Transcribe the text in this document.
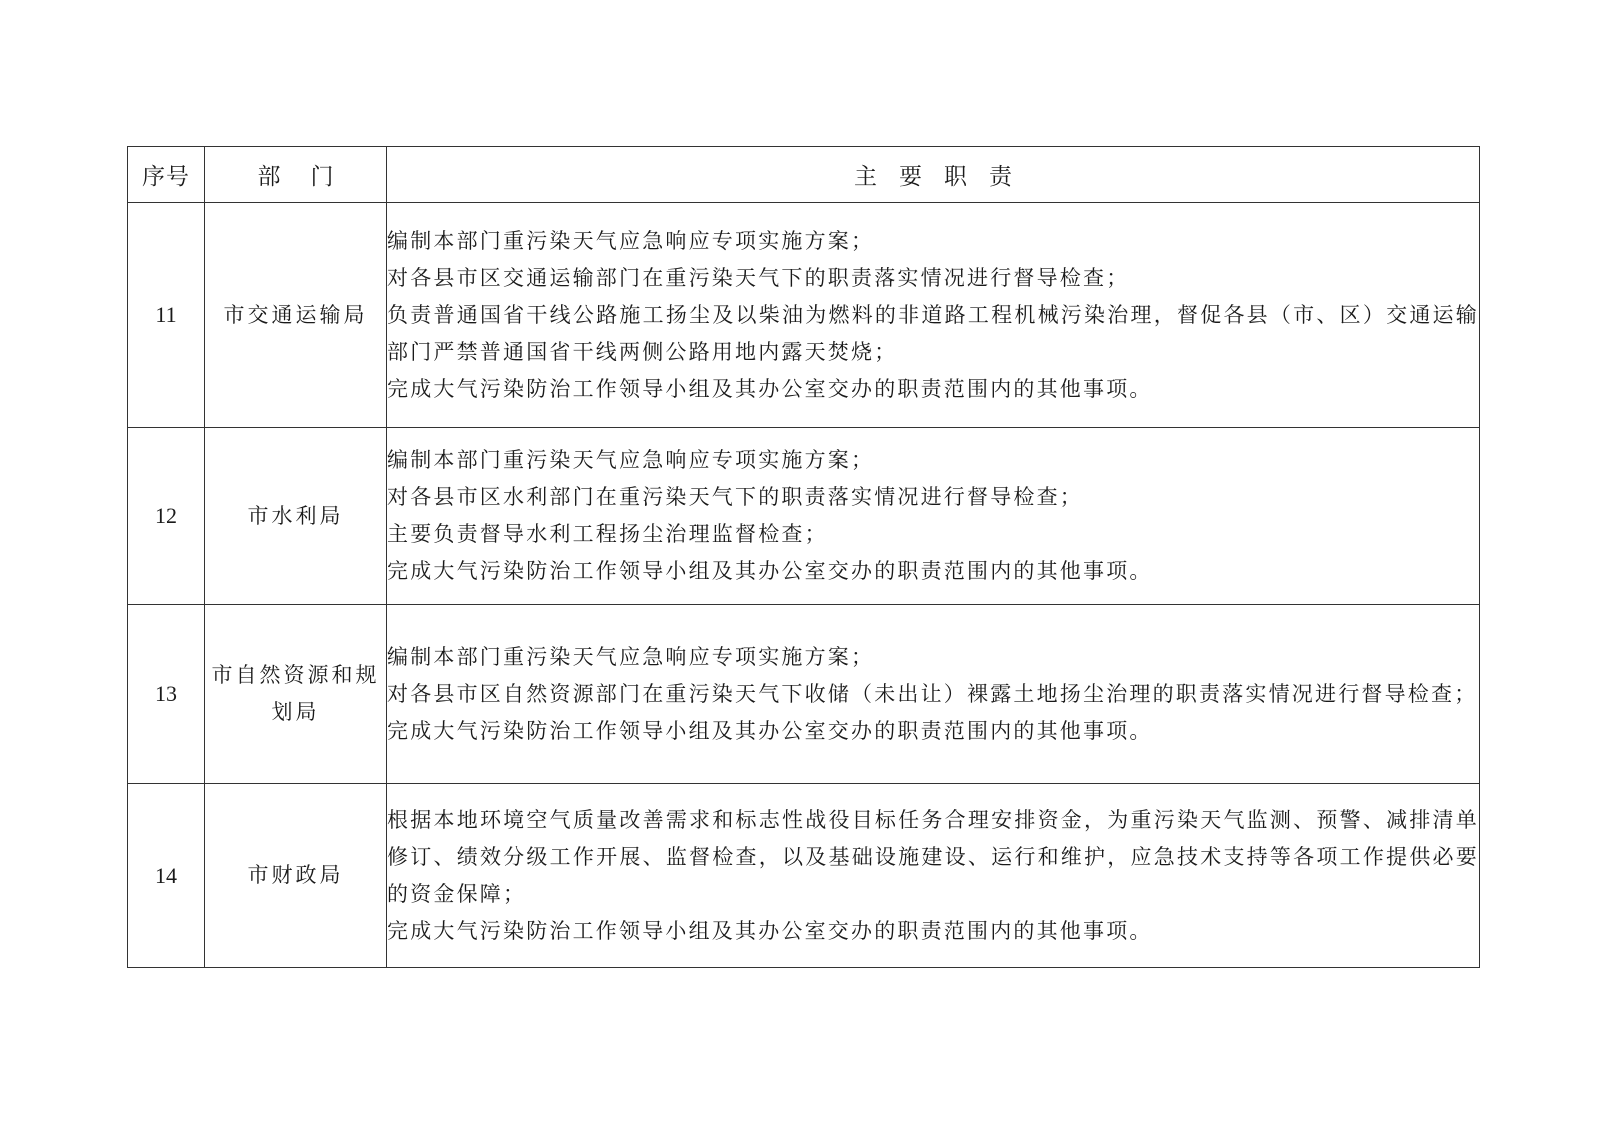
序号	部门	主要职责
11	市交通运输局	编制本部门重污染天气应急响应专项实施方案；
对各县市区交通运输部门在重污染天气下的职责落实情况进行督导检查；
负责普通国省干线公路施工扬尘及以柴油为燃料的非道路工程机械污染治理，督促各县（市、区）交通运输部门严禁普通国省干线两侧公路用地内露天焚烧；
完成大气污染防治工作领导小组及其办公室交办的职责范围内的其他事项。

12	市水利局	编制本部门重污染天气应急响应专项实施方案；
对各县市区水利部门在重污染天气下的职责落实情况进行督导检查；
主要负责督导水利工程扬尘治理监督检查；
完成大气污染防治工作领导小组及其办公室交办的职责范围内的其他事项。

13	市自然资源和规划局	编制本部门重污染天气应急响应专项实施方案；
对各县市区自然资源部门在重污染天气下收储（未出让）裸露土地扬尘治理的职责落实情况进行督导检查；
完成大气污染防治工作领导小组及其办公室交办的职责范围内的其他事项。

14	市财政局	根据本地环境空气质量改善需求和标志性战役目标任务合理安排资金，为重污染天气监测、预警、减排清单修订、绩效分级工作开展、监督检查，以及基础设施建设、运行和维护，应急技术支持等各项工作提供必要的资金保障；
完成大气污染防治工作领导小组及其办公室交办的职责范围内的其他事项。
